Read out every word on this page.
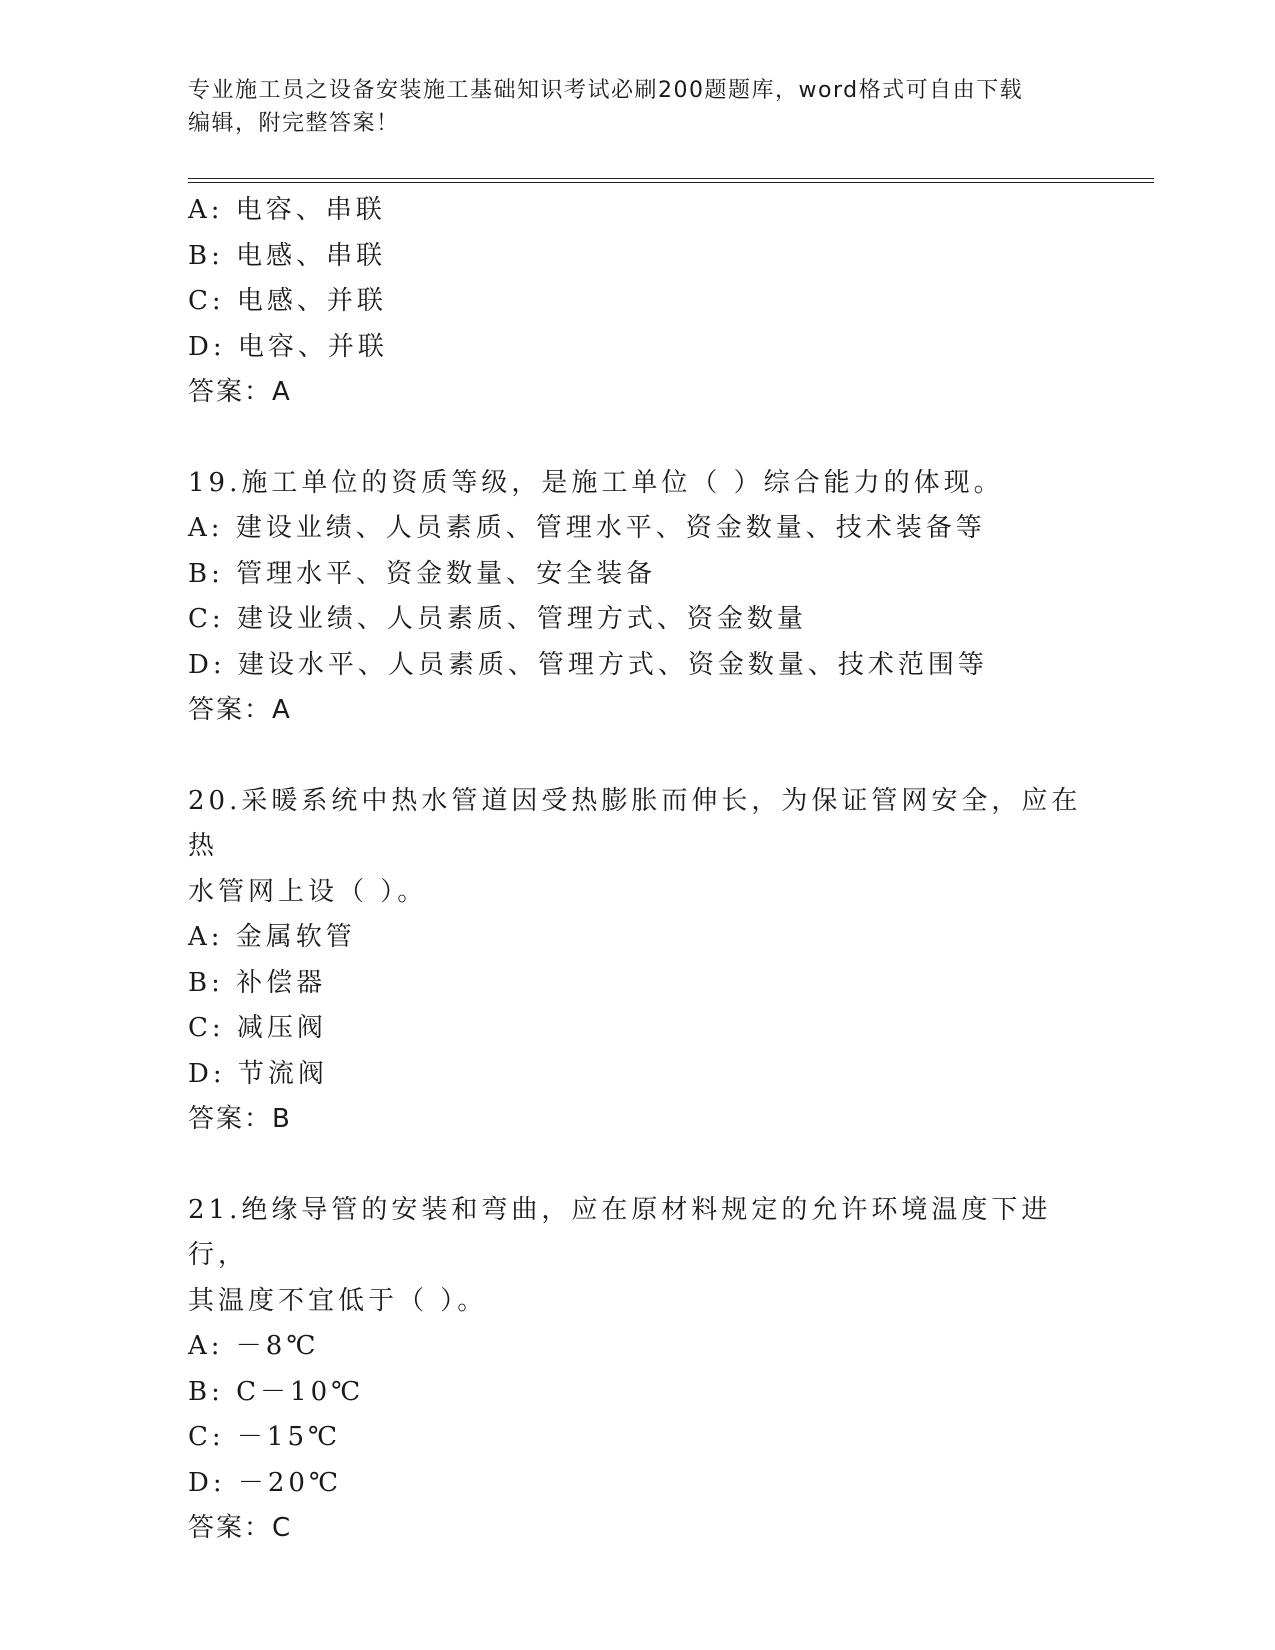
专业施工员之设备安装施工基础知识考试必刷200题题库，word格式可自由下载
编辑，附完整答案！
A: 电容、串联
B: 电感、串联
C: 电感、并联
D: 电容、并联
答案：A
19.施工单位的资质等级，是施工单位（ ）综合能力的体现。
A: 建设业绩、人员素质、管理水平、资金数量、技术装备等
B: 管理水平、资金数量、安全装备
C: 建设业绩、人员素质、管理方式、资金数量
D: 建设水平、人员素质、管理方式、资金数量、技术范围等
答案：A
20.采暖系统中热水管道因受热膨胀而伸长，为保证管网安全，应在热
水管网上设（ ）。
A: 金属软管
B: 补偿器
C: 减压阀
D: 节流阀
答案：B
21.绝缘导管的安装和弯曲，应在原材料规定的允许环境温度下进行，
其温度不宜低于（ ）。
A: －8℃
B: C－10℃
C: －15℃
D: －20℃
答案：C
